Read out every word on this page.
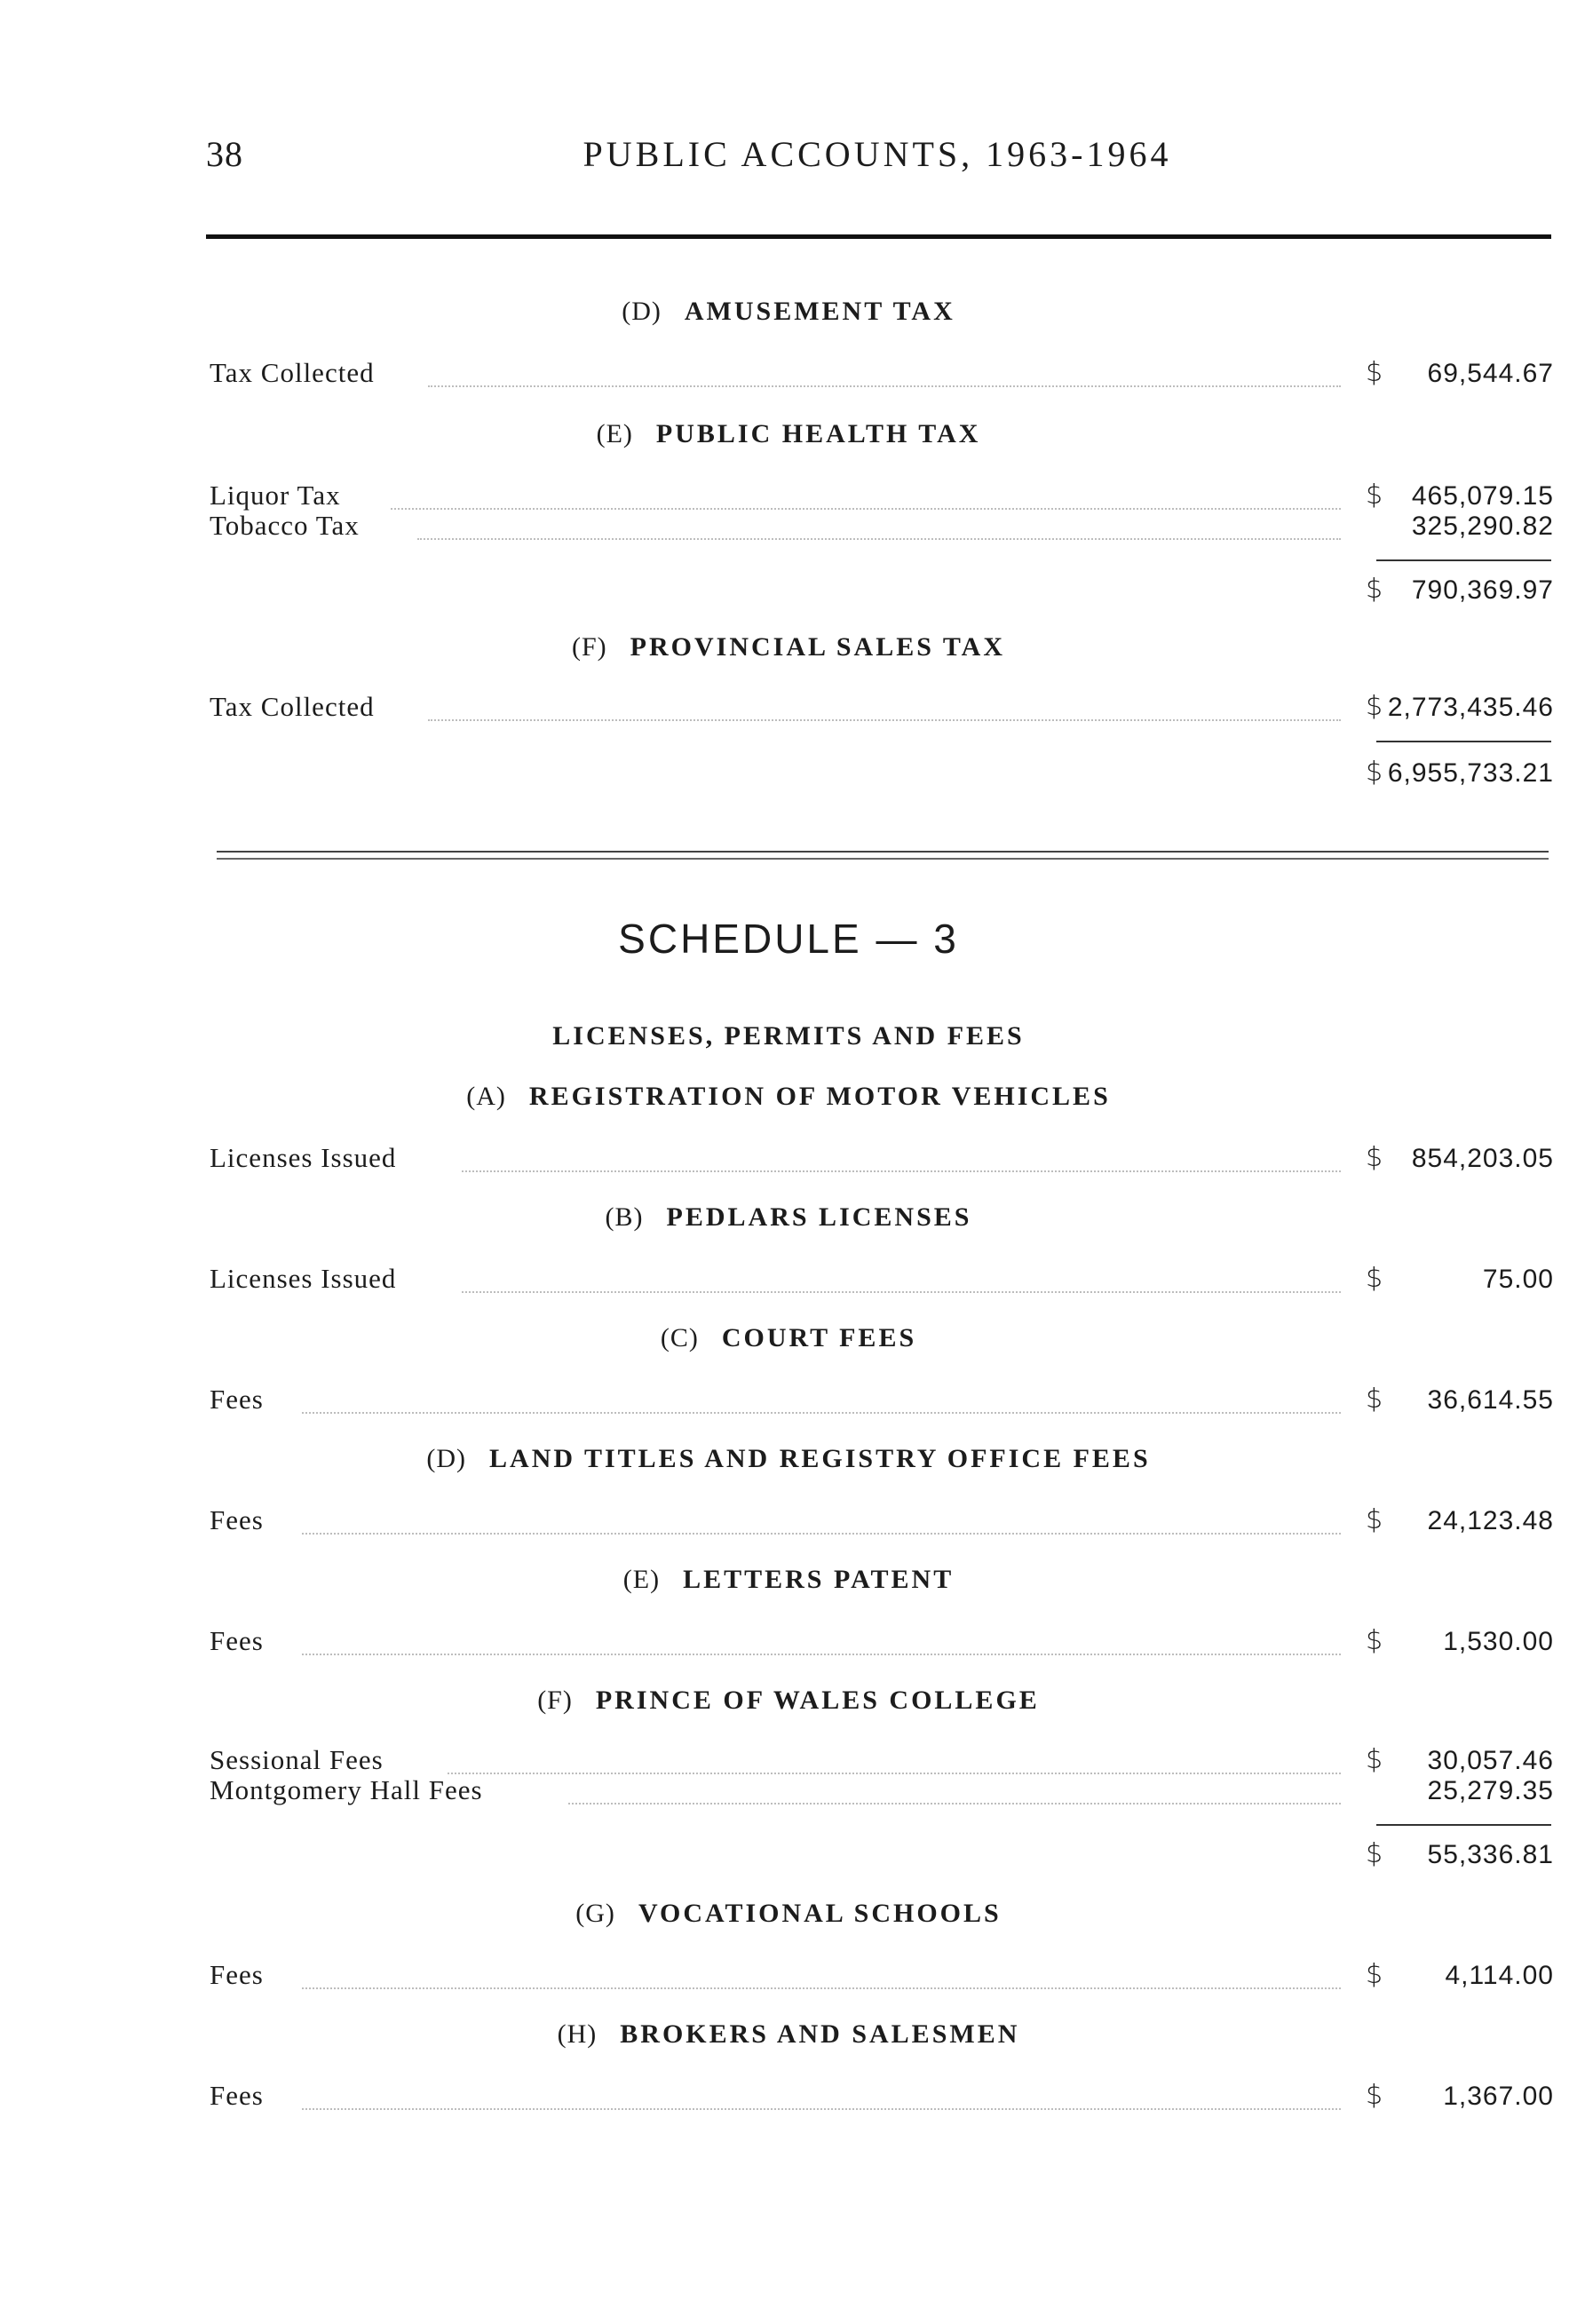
38	PUBLIC ACCOUNTS, 1963-1964
(D) AMUSEMENT TAX
Tax Collected	$	69,544.67
(E) PUBLIC HEALTH TAX
Liquor Tax	$	465,079.15
Tobacco Tax	325,290.82
$	790,369.97
(F) PROVINCIAL SALES TAX
Tax Collected	$ 2,773,435.46
$ 6,955,733.21
SCHEDULE — 3
LICENSES, PERMITS AND FEES
(A) REGISTRATION OF MOTOR VEHICLES
Licenses Issued	$	854,203.05
(B) PEDLARS LICENSES
Licenses Issued	$	75.00
(C) COURT FEES
Fees	$	36,614.55
(D) LAND TITLES AND REGISTRY OFFICE FEES
Fees	$	24,123.48
(E) LETTERS PATENT
Fees	$	1,530.00
(F) PRINCE OF WALES COLLEGE
Sessional Fees	$	30,057.46
Montgomery Hall Fees	25,279.35
$	55,336.81
(G) VOCATIONAL SCHOOLS
Fees	$	4,114.00
(H) BROKERS AND SALESMEN
Fees	$	1,367.00
